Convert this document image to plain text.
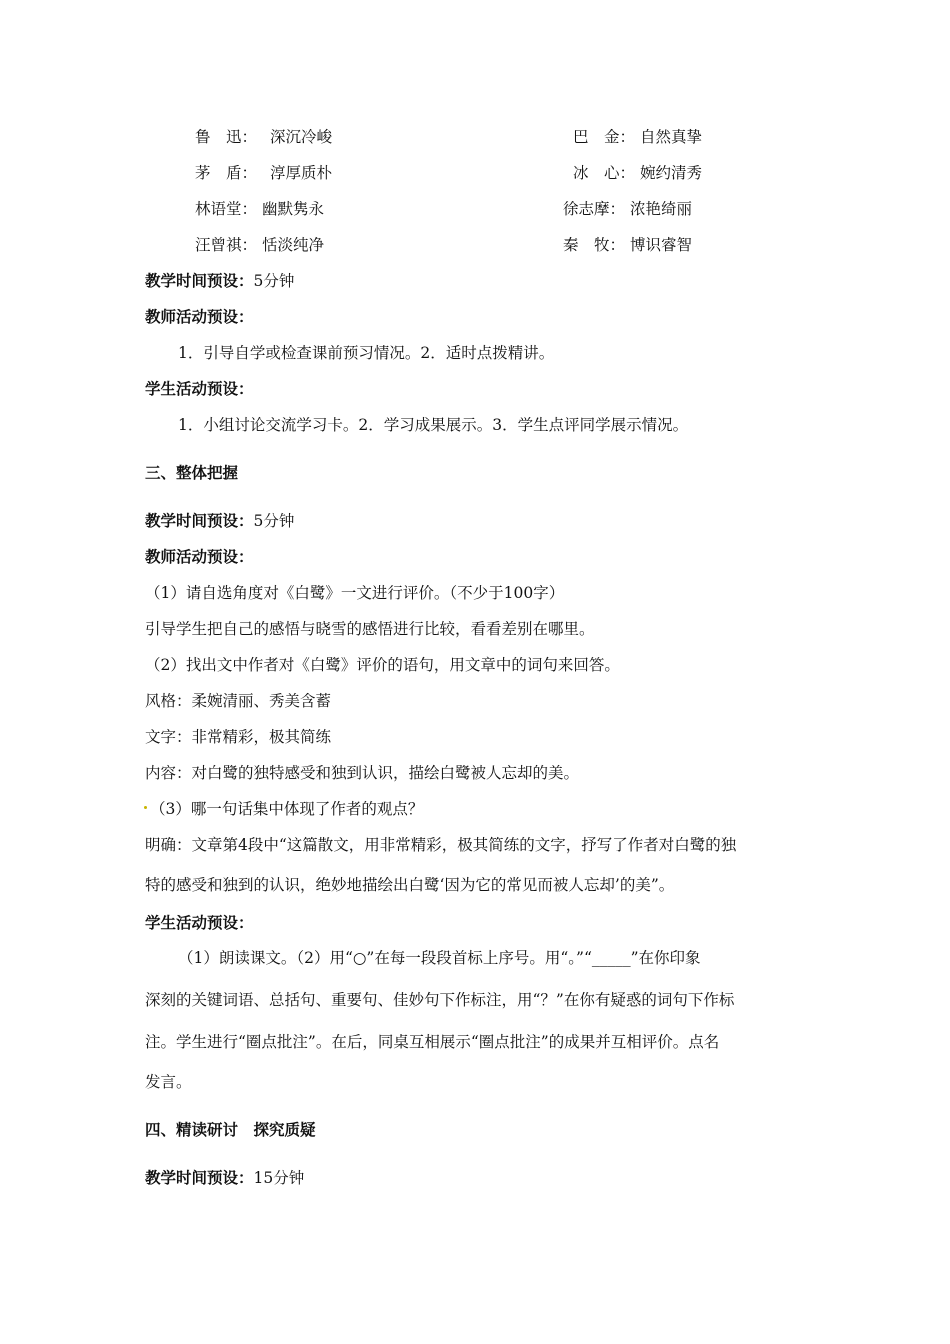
鲁　迅： 深沉冷峻	巴　金： 自然真挚
茅　盾： 淳厚质朴	冰　心： 婉约清秀
林语堂： 幽默隽永	徐志摩： 浓艳绮丽
汪曾祺： 恬淡纯净	秦　牧： 博识睿智
教学时间预设：5分钟
教师活动预设：
1．引导自学或检查课前预习情况。2．适时点拨精讲。
学生活动预设：
1．小组讨论交流学习卡。2．学习成果展示。3．学生点评同学展示情况。
三、整体把握
教学时间预设：5分钟
教师活动预设：
（1）请自选角度对《白鹭》一文进行评价。（不少于100字）
引导学生把自己的感悟与晓雪的感悟进行比较，看看差别在哪里。
（2）找出文中作者对《白鹭》评价的语句，用文章中的词句来回答。
风格：柔婉清丽、秀美含蓄
文字：非常精彩，极其简练
内容：对白鹭的独特感受和独到认识，描绘白鹭被人忘却的美。
（3）哪一句话集中体现了作者的观点？
明确：文章第4段中“这篇散文，用非常精彩，极其简练的文字，抒写了作者对白鹭的独
特的感受和独到的认识，绝妙地描绘出白鹭‘因为它的常见而被人忘却’的美”。
学生活动预设：
（1）朗读课文。（2）用“○”在每一段段首标上序号。用“。”“_____”在你印象
深刻的关键词语、总括句、重要句、佳妙句下作标注，用“？”在你有疑惑的词句下作标
注。学生进行“圈点批注”。在后，同桌互相展示“圈点批注”的成果并互相评价。点名
发言。
四、精读研讨　探究质疑
教学时间预设：15分钟
